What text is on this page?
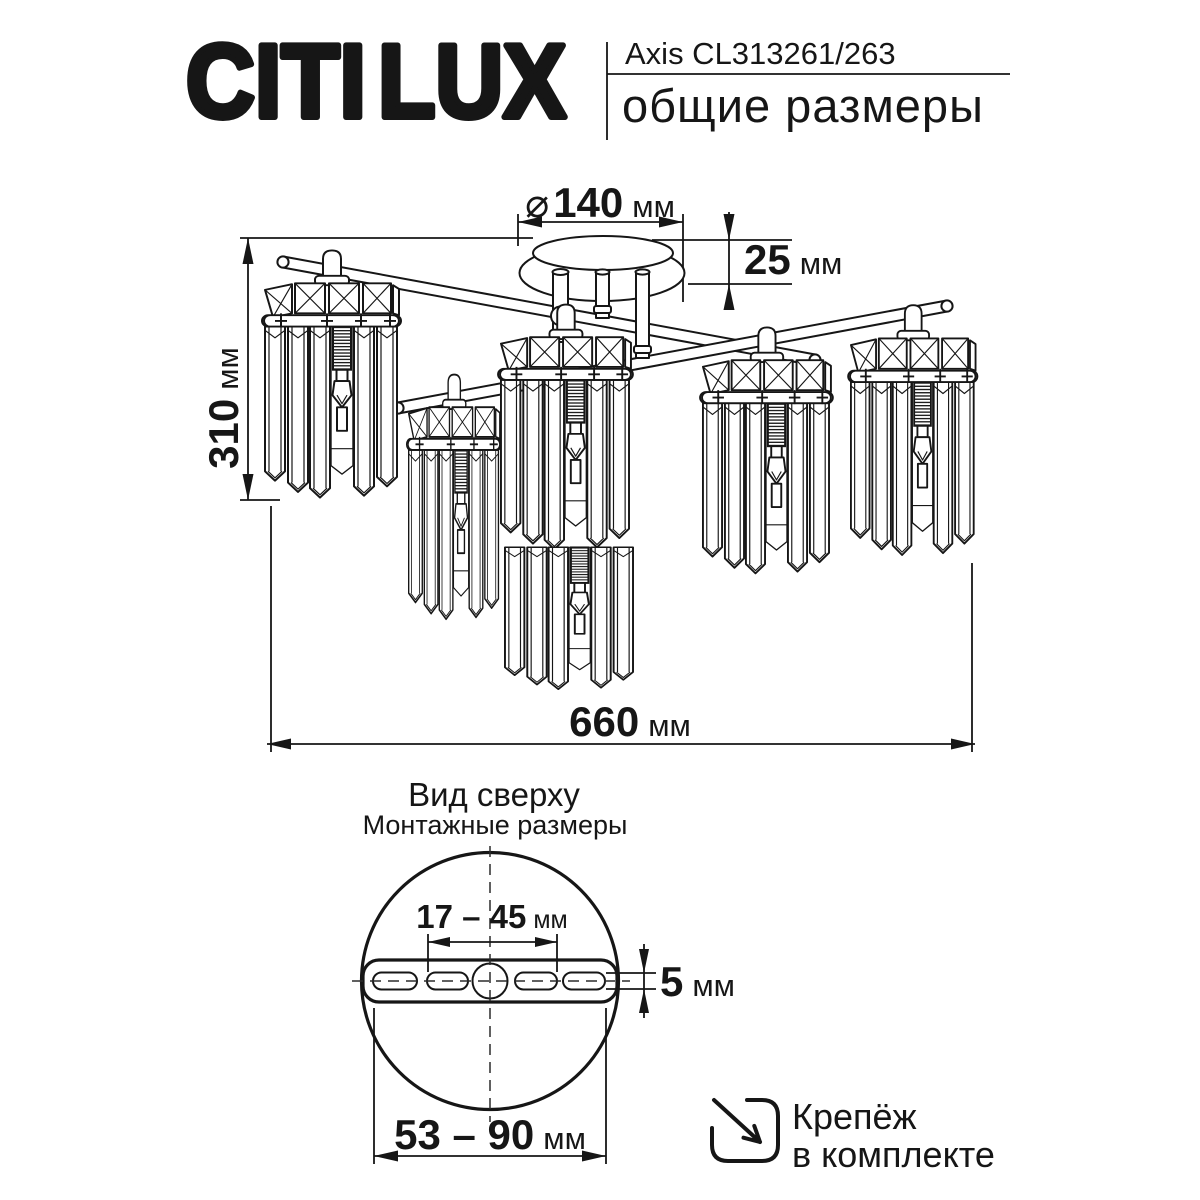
CITI LUX Axis CL313261/263
общие размеры
⌀140 мм
25 мм
310мм
660 мм
Вид сверху
Монтажные размеры
17 – 45 мм
5 мм
53 – 90 мм
Крепёж
в комплекте
